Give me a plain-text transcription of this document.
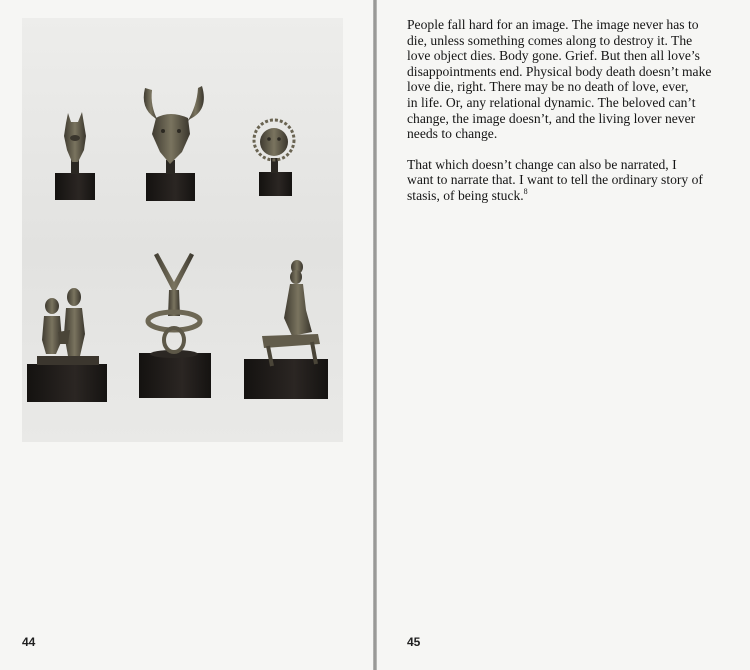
44

People fall hard for an image. The image never has to
die, unless something comes along to destroy it. The
love object dies. Body gone. Grief. But then all love’s
disappointments end. Physical body death doesn’t make
love die, right. There may be no death of love, ever,
in life. Or, any relational dynamic. The beloved can’t
change, the image doesn’t, and the living lover never
needs to change.

That which doesn’t change can also be narrated, I
want to narrate that. I want to tell the ordinary story of
stasis, of being stuck.$^8$

45
